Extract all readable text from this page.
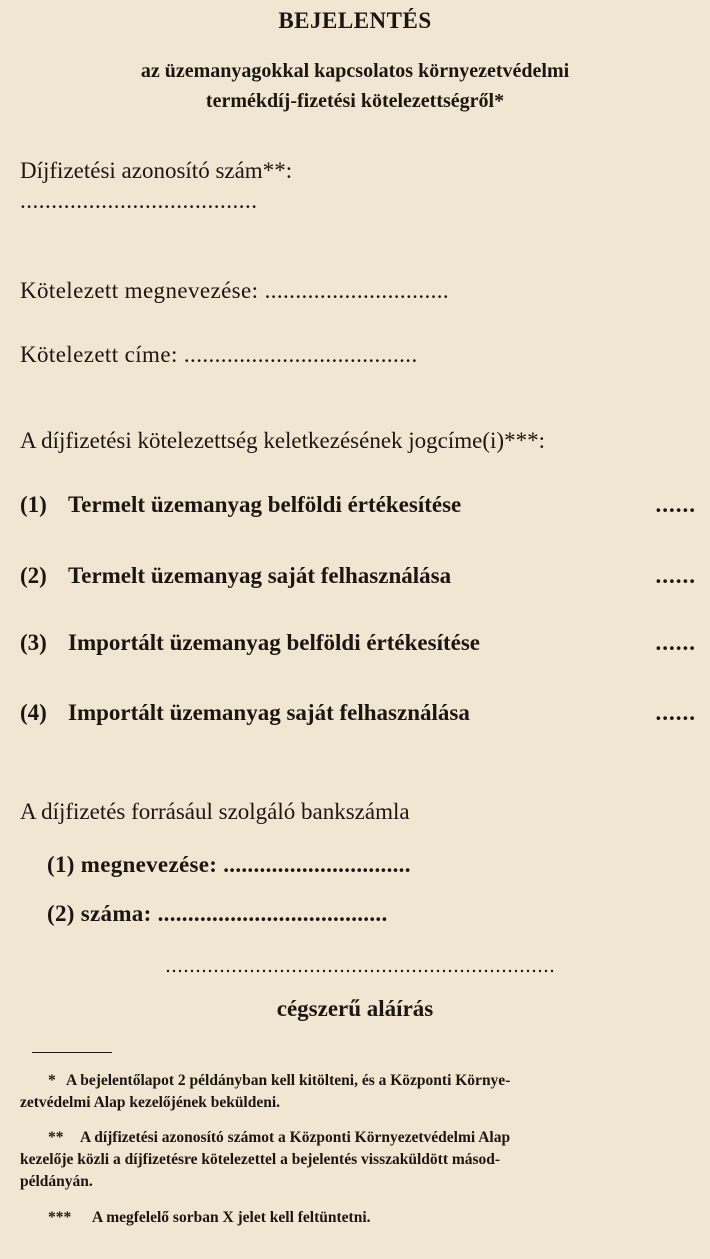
BEJELENTÉS
az üzemanyagokkal kapcsolatos környezetvédelmi
termékdíj-fizetési kötelezettségről*
Díjfizetési azonosító szám**:
......................................
Kötelezett megnevezése: ..............................
Kötelezett címe: ......................................
A díjfizetési kötelezettség keletkezésének jogcíme(i)***:
(1) Termelt üzemanyag belföldi értékesítése	......
(2) Termelt üzemanyag saját felhasználása	......
(3) Importált üzemanyag belföldi értékesítése	......
(4) Importált üzemanyag saját felhasználása	......
A díjfizetés forrásául szolgáló bankszámla
(1) megnevezése: ...............................
(2) száma: ......................................
cégszerű aláírás
* A bejelentőlapot 2 példányban kell kitölteni, és a Központi Környe-
zetvédelmi Alap kezelőjének beküldeni.
** A díjfizetési azonosító számot a Központi Környezetvédelmi Alap
kezelője közli a díjfizetésre kötelezettel a bejelentés visszaküldött másod-
példányán.
*** A megfelelő sorban X jelet kell feltüntetni.
